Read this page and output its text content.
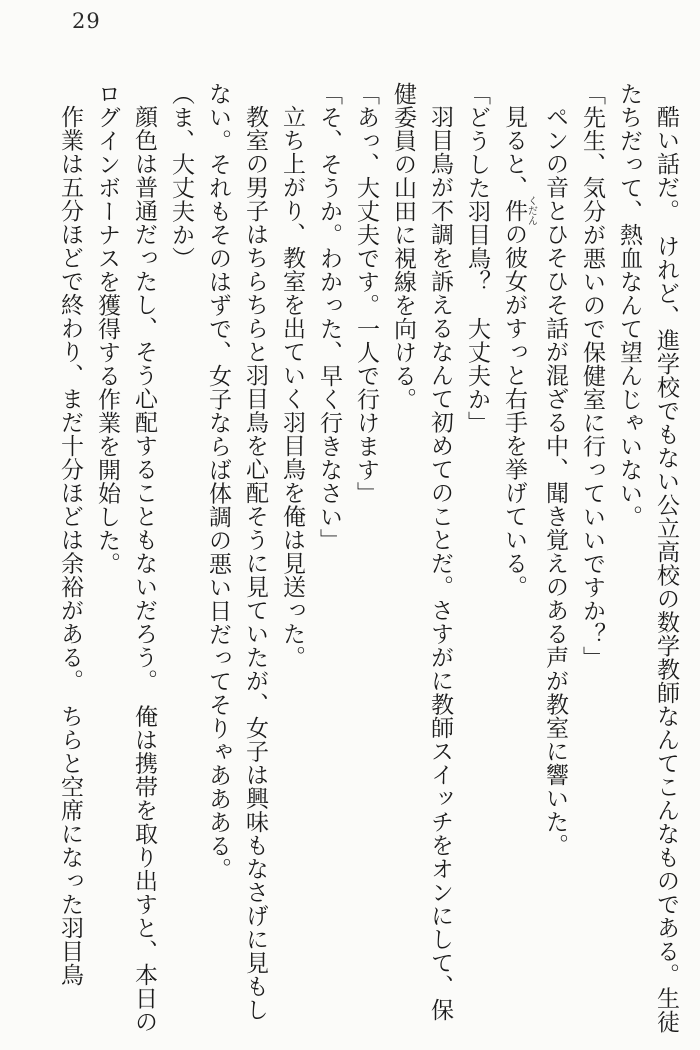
29

酷い話だ。　けれど、進学校でもない公立高校の数学教師なんてこんなものである。生徒たちだって、熱血なんて望んじゃいない。

「先生、気分が悪いので保健室に行っていいですか？」

ペンの音とひそひそ話が混ざる中、聞き覚えのある声が教室に響いた。

見ると、件くだんの彼女がすっと右手を挙げている。

「どうした羽目鳥？　大丈夫か」

羽目鳥が不調を訴えるなんて初めてのことだ。さすがに教師スイッチをオンにして、保健委員の山田に視線を向ける。

「あっ、大丈夫です。一人で行けます」

「そ、そうか。わかった、早く行きなさい」

立ち上がり、教室を出ていく羽目鳥を俺は見送った。

教室の男子はちらちらと羽目鳥を心配そうに見ていたが、女子は興味もなさげに見もしない。それもそのはずで、女子ならば体調の悪い日だってそりゃああある。

（ま、大丈夫か）

顔色は普通だったし、そう心配することもないだろう。　俺は携帯を取り出すと、本日のログインボーナスを獲得する作業を開始した。

作業は五分ほどで終わり、まだ十分ほどは余裕がある。　ちらと空席になった羽目鳥
